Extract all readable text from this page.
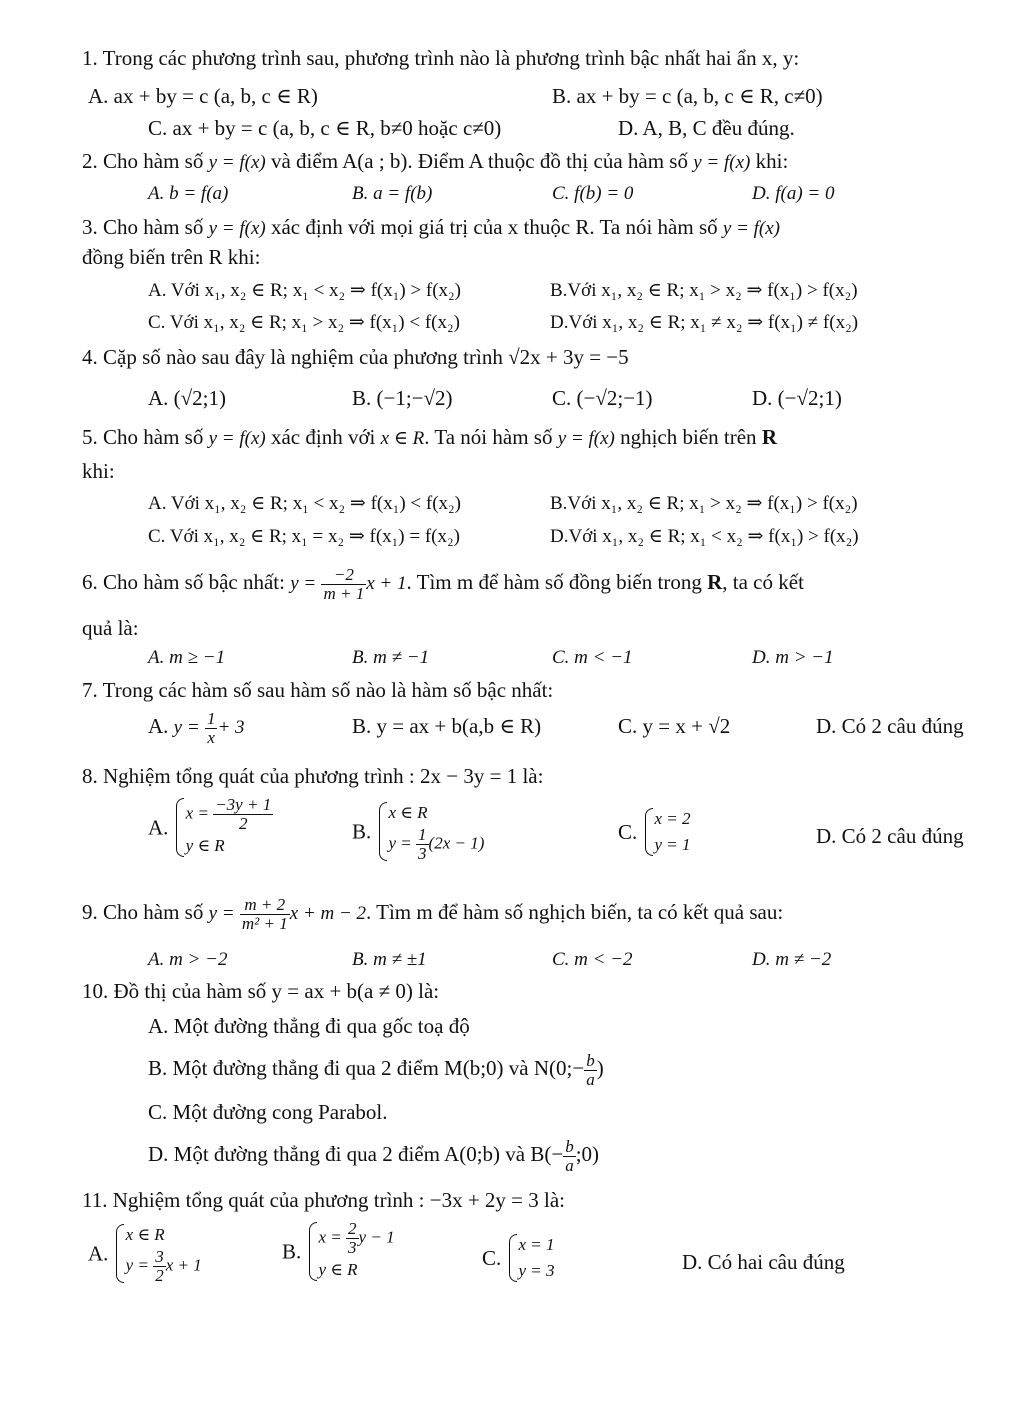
1. Trong các phương trình sau, phương trình nào là phương trình bậc nhất hai ẩn x, y:
A. ax + by = c (a, b, c ∈ R)	B. ax + by = c (a, b, c ∈ R, c≠0)
C. ax + by = c (a, b, c ∈ R, b≠0 hoặc c≠0)	D. A, B, C đều đúng.
2. Cho hàm số y = f(x) và điểm A(a ; b). Điểm A thuộc đồ thị của hàm số y = f(x) khi:
A. b = f(a)	B. a = f(b)	C. f(b) = 0	D. f(a) = 0
3. Cho hàm số y = f(x) xác định với mọi giá trị của x thuộc R. Ta nói hàm số y = f(x)
đồng biến trên R khi:
A. Với x₁, x₂ ∈ R; x₁ < x₂ ⇒ f(x₁) > f(x₂)	B.Với x₁, x₂ ∈ R; x₁ > x₂ ⇒ f(x₁) > f(x₂)
C. Với x₁, x₂ ∈ R; x₁ > x₂ ⇒ f(x₁) < f(x₂)	D.Với x₁, x₂ ∈ R; x₁ ≠ x₂ ⇒ f(x₁) ≠ f(x₂)
4. Cặp số nào sau đây là nghiệm của phương trình √2x + 3y = −5
A. (√2;1)	B. (−1;−√2)	C. (−√2;−1)	D. (−√2;1)
5. Cho hàm số y = f(x) xác định với x ∈ R. Ta nói hàm số y = f(x) nghịch biến trên R
khi:
A. Với x₁, x₂ ∈ R; x₁ < x₂ ⇒ f(x₁) < f(x₂)	B.Với x₁, x₂ ∈ R; x₁ > x₂ ⇒ f(x₁) > f(x₂)
C. Với x₁, x₂ ∈ R; x₁ = x₂ ⇒ f(x₁) = f(x₂)	D.Với x₁, x₂ ∈ R; x₁ < x₂ ⇒ f(x₁) > f(x₂)
6. Cho hàm số bậc nhất: $y = \frac{-2}{m + 1}$ x + 1. Tìm m để hàm số đồng biến trong R, ta có kết
quả là:
A. m ≥ −1	B. m ≠ −1	C. m < −1	D. m > −1
7. Trong các hàm số sau hàm số nào là hàm số bậc nhất:
A. $y = \frac{1}{x} + 3$	B. y = ax + b(a,b ∈ R)	C. y = x + √2	D. Có 2 câu đúng
8. Nghiệm tổng quát của phương trình : 2x − 3y = 1 là:
A.
$x = \frac{-3y + 1}{2}$
y ∈ R
B.
x ∈ R
$y = \frac{1}{3} (2x - 1)$	C.
x = 2
y = 1	D. Có 2 câu đúng
9. Cho hàm số $y = \frac{m + 2}{\text{m² + 1}}$ x + m − 2. Tìm m để hàm số nghịch biến, ta có kết quả sau:
A. m > −2	B. m ≠ ±1	C. m < −2	D. m ≠ −2
10. Đồ thị của hàm số y = ax + b(a ≠ 0) là:
A. Một đường thẳng đi qua gốc toạ độ
B. Một đường thẳng đi qua 2 điểm M(b;0) và N(0;− $\frac{b}{a}$ )
C. Một đường cong Parabol.
D. Một đường thẳng đi qua 2 điểm A(0;b) và $B(- \frac{b}{a}$ ;0)
11. Nghiệm tổng quát của phương trình : −3x + 2y = 3 là:
A.
x ∈ R
$y = \frac{3}{2}$ x + 1
B.
$x = \frac{2}{3}$ y − 1
y ∈ R	C.
x = 1
y = 3	D. Có hai câu đúng
